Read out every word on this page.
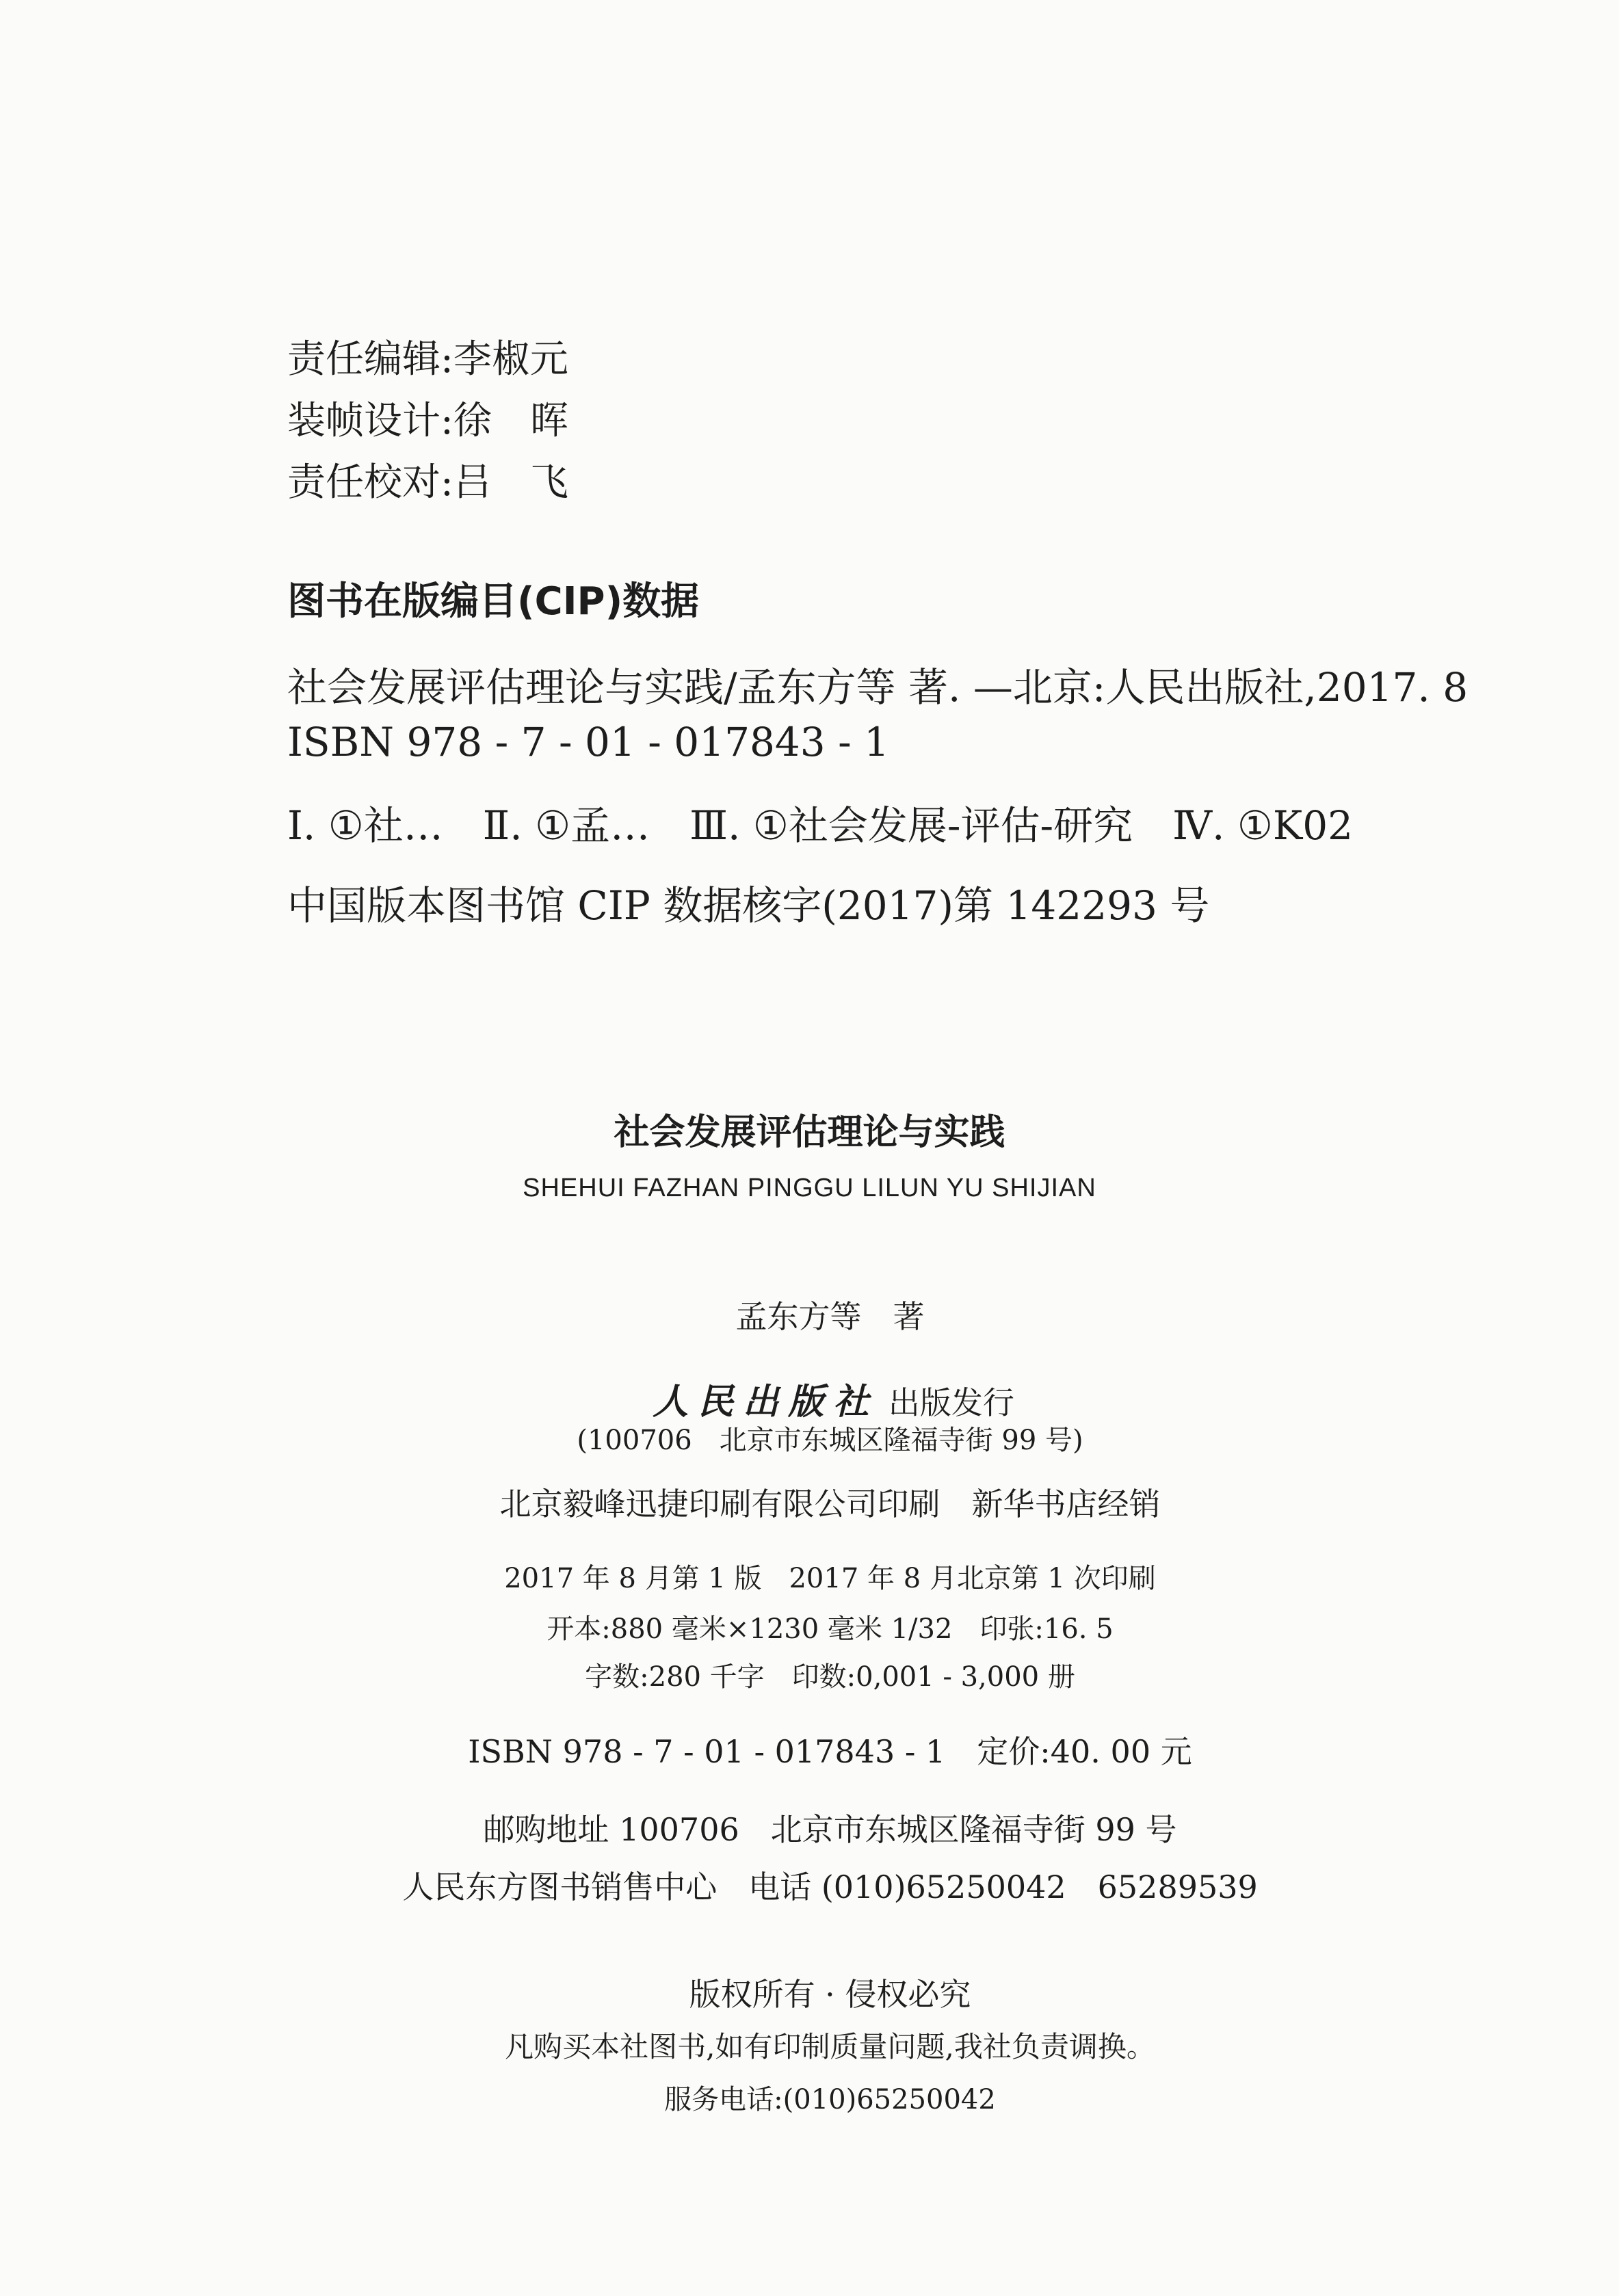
责任编辑:李椒元
装帧设计:徐　晖
责任校对:吕　飞
图书在版编目(CIP)数据
社会发展评估理论与实践/孟东方等 著. —北京:人民出版社,2017. 8
ISBN 978 - 7 - 01 - 017843 - 1
Ⅰ. ①社…　Ⅱ. ①孟…　Ⅲ. ①社会发展-评估-研究　Ⅳ. ①K02
中国版本图书馆 CIP 数据核字(2017)第 142293 号
社会发展评估理论与实践
SHEHUI FAZHAN PINGGU LILUN YU SHIJIAN
孟东方等　著

人民出版社 出版发行

(100706　北京市东城区隆福寺街 99 号)
北京毅峰迅捷印刷有限公司印刷　新华书店经销
2017 年 8 月第 1 版　2017 年 8 月北京第 1 次印刷
开本:880 毫米×1230 毫米 1/32　印张:16. 5
字数:280 千字　印数:0,001 - 3,000 册
ISBN 978 - 7 - 01 - 017843 - 1　定价:40. 00 元
邮购地址 100706　北京市东城区隆福寺街 99 号
人民东方图书销售中心　电话 (010)65250042　65289539
版权所有 · 侵权必究
凡购买本社图书,如有印制质量问题,我社负责调换。
服务电话:(010)65250042
